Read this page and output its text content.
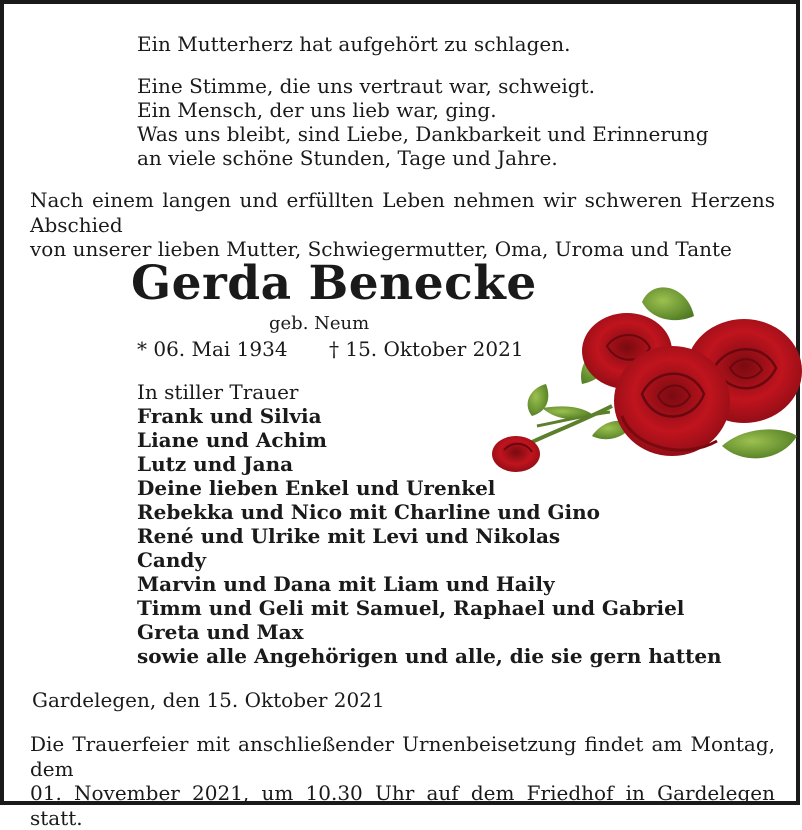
Ein Mutterherz hat aufgehört zu schlagen.
Eine Stimme, die uns vertraut war, schweigt.
Ein Mensch, der uns lieb war, ging.
Was uns bleibt, sind Liebe, Dankbarkeit und Erinnerung
an viele schöne Stunden, Tage und Jahre.
Nach einem langen und erfüllten Leben nehmen wir schweren Herzens Abschied
von unserer lieben Mutter, Schwiegermutter, Oma, Uroma und Tante
Gerda Benecke
geb. Neum
* 06. Mai 1934 † 15. Oktober 2021
In stiller Trauer
Frank und Silvia
Liane und Achim
Lutz und Jana
Deine lieben Enkel und Urenkel
Rebekka und Nico mit Charline und Gino
René und Ulrike mit Levi und Nikolas
Candy
Marvin und Dana mit Liam und Haily
Timm und Geli mit Samuel, Raphael und Gabriel
Greta und Max
sowie alle Angehörigen und alle, die sie gern hatten
Gardelegen, den 15. Oktober 2021
Die Trauerfeier mit anschließender Urnenbeisetzung findet am Montag, dem
01. November 2021, um 10.30 Uhr auf dem Friedhof in Gardelegen statt.
